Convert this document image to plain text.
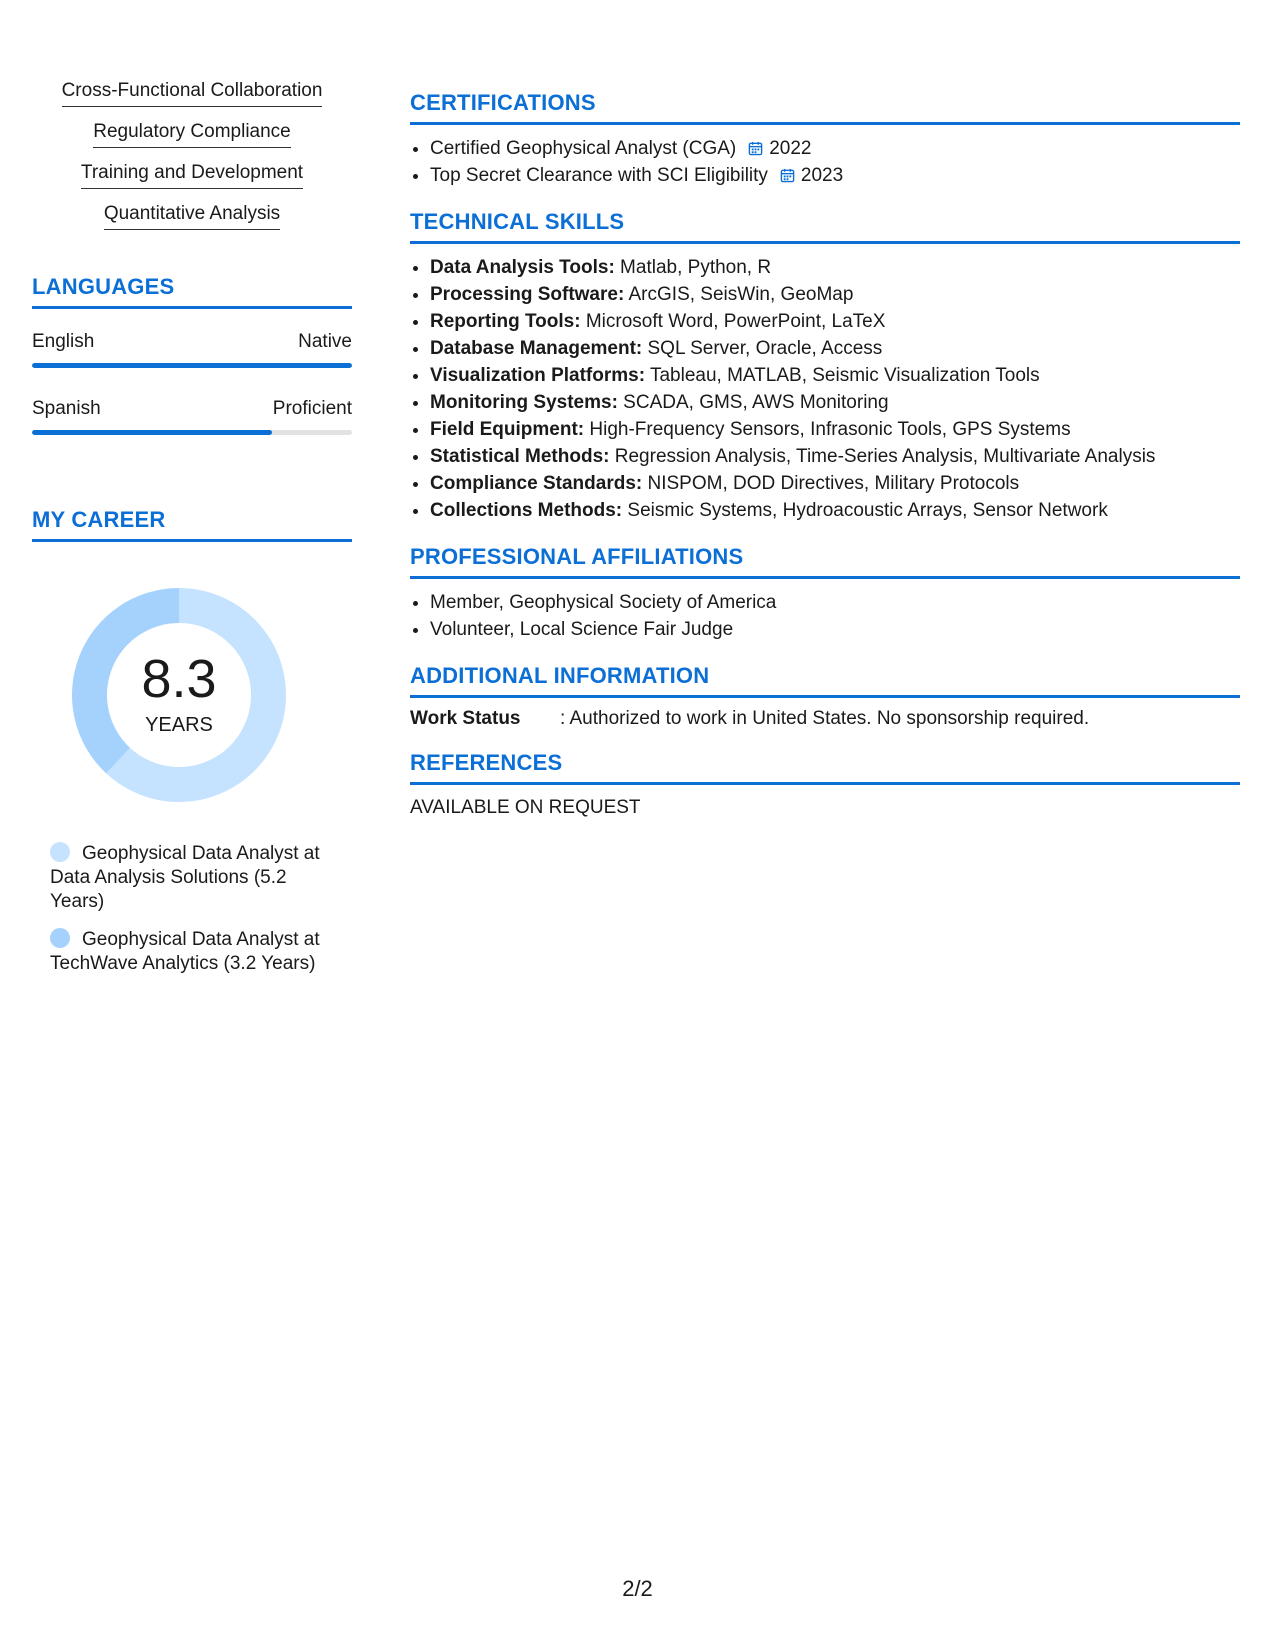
Cross-Functional Collaboration
Regulatory Compliance
Training and Development
Quantitative Analysis
LANGUAGES
English	Native
Spanish	Proficient
MY CAREER
8.3
YEARS
Geophysical Data Analyst at Data Analysis Solutions (5.2 Years)
Geophysical Data Analyst at TechWave Analytics (3.2 Years)
CERTIFICATIONS
• Certified Geophysical Analyst (CGA) 2022
• Top Secret Clearance with SCI Eligibility 2023
TECHNICAL SKILLS
• Data Analysis Tools: Matlab, Python, R
• Processing Software: ArcGIS, SeisWin, GeoMap
• Reporting Tools: Microsoft Word, PowerPoint, LaTeX
• Database Management: SQL Server, Oracle, Access
• Visualization Platforms: Tableau, MATLAB, Seismic Visualization Tools
• Monitoring Systems: SCADA, GMS, AWS Monitoring
• Field Equipment: High-Frequency Sensors, Infrasonic Tools, GPS Systems
• Statistical Methods: Regression Analysis, Time-Series Analysis, Multivariate Analysis
• Compliance Standards: NISPOM, DOD Directives, Military Protocols
• Collections Methods: Seismic Systems, Hydroacoustic Arrays, Sensor Network
PROFESSIONAL AFFILIATIONS
• Member, Geophysical Society of America
• Volunteer, Local Science Fair Judge
ADDITIONAL INFORMATION
Work Status	: Authorized to work in United States. No sponsorship required.
REFERENCES
AVAILABLE ON REQUEST
2/2
